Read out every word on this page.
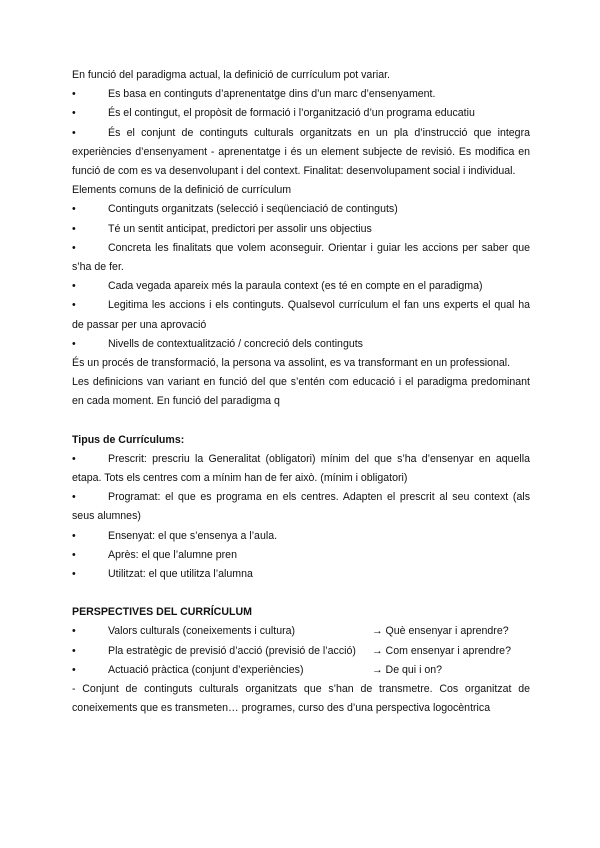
En funció del paradigma actual, la definició de currículum pot variar.

•	Es basa en continguts d’aprenentatge dins d’un marc d’ensenyament.

•	És el contingut, el propòsit de formació i l’organització d’un programa educatiu

•	És el conjunt de continguts culturals organitzats en un pla d’instrucció que integra experiències d’ensenyament - aprenentatge i és un element subjecte de revisió. Es modifica en funció de com es va desenvolupant i del context. Finalitat: desenvolupament social i individual.

Elements comuns de la definició de currículum

•	Continguts organitzats (selecció i seqüenciació de continguts)

•	Té un sentit anticipat, predictori per assolir uns objectius

•	Concreta les finalitats que volem aconseguir. Orientar i guiar les accions per saber que s’ha de fer.

•	Cada vegada apareix més la paraula context (es té en compte en el paradigma)

•	Legitima les accions i els continguts. Qualsevol currículum el fan uns experts el qual ha de passar per una aprovació

•	Nivells de contextualització / concreció dels continguts

És un procés de transformació, la persona va assolint, es va transformant en un professional.

Les definicions van variant en funció del que s’entén com educació i el paradigma predominant en cada moment. En funció del paradigma q

Tipus de Currículums:

•	Prescrit: prescriu la Generalitat (obligatori) mínim del que s’ha d’ensenyar en aquella etapa. Tots els centres com a mínim han de fer això. (mínim i obligatori)

•	Programat: el que es programa en els centres. Adapten el prescrit al seu context (als seus alumnes)

•	Ensenyat: el que s’ensenya a l’aula.

•	Après: el que l’alumne pren

•	Utilitzat: el que utilitza l’alumna

PERSPECTIVES DEL CURRÍCULUM

•	Valors culturals (coneixements i cultura)	→ Què ensenyar i aprendre?

•	Pla estratègic de previsió d’acció (previsió de l’acció) → Com ensenyar i aprendre?

•	Actuació pràctica (conjunt d’experiències)	→ De qui i on?

- Conjunt de continguts culturals organitzats que s’han de transmetre. Cos organitzat de coneixements que es transmeten… programes, curso des d’una perspectiva logocèntrica
